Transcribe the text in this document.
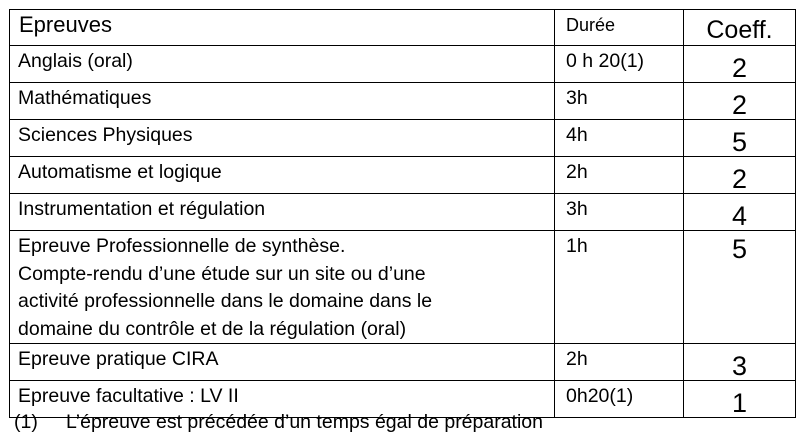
Epreuves	Durée	Coeff.
Anglais (oral)	0 h 20(1)	2
Mathématiques	3h	2
Sciences Physiques	4h	5
Automatisme et logique	2h	2
Instrumentation et régulation	3h	4

Epreuve Professionnelle de synthèse.
Compte-rendu d’une étude sur un site ou d’une
activité professionnelle dans le domaine dans le
domaine du contrôle et de la régulation (oral)	1h	5
Epreuve pratique CIRA	2h	3
Epreuve facultative : LV II	0h20(1)	1
(1) L’épreuve est précédée d’un temps égal de préparation
